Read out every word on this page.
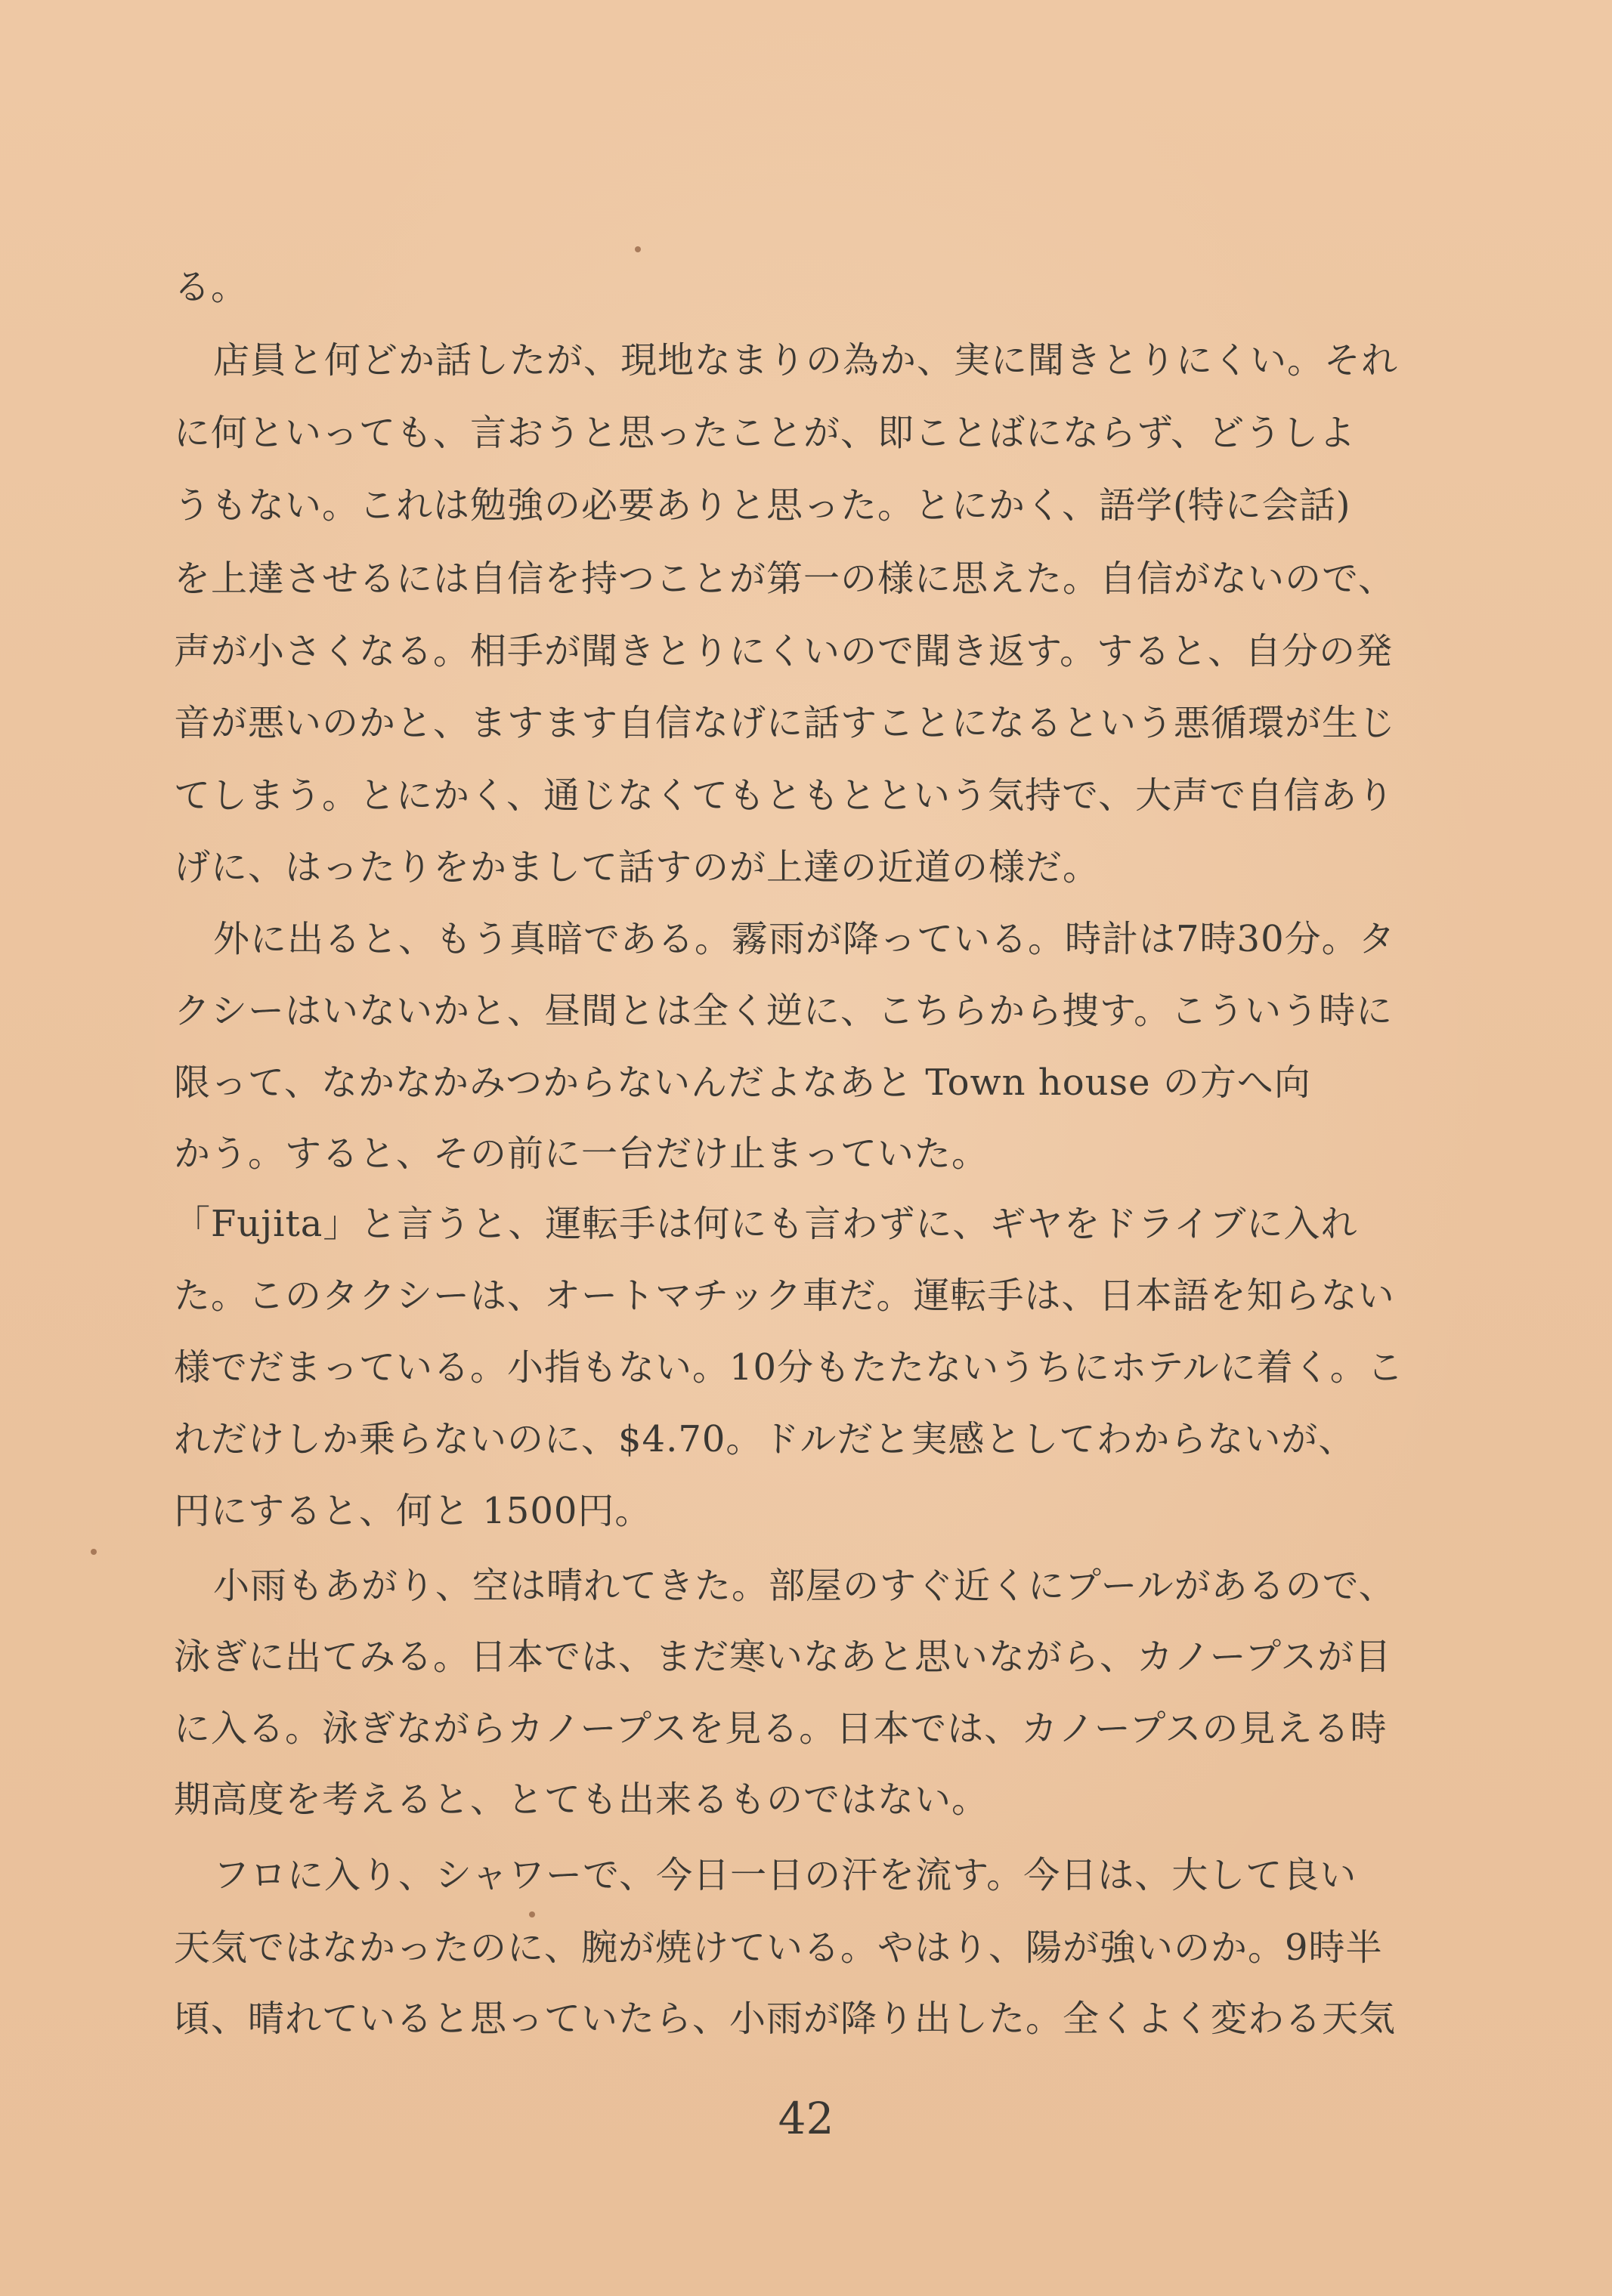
る。
店員と何どか話したが、現地なまりの為か、実に聞きとりにくい。それ
に何といっても、言おうと思ったことが、即ことばにならず、どうしよ
うもない。これは勉強の必要ありと思った。とにかく、語学(特に会話)
を上達させるには自信を持つことが第一の様に思えた。自信がないので、
声が小さくなる。相手が聞きとりにくいので聞き返す。すると、自分の発
音が悪いのかと、ますます自信なげに話すことになるという悪循環が生じ
てしまう。とにかく、通じなくてもともとという気持で、大声で自信あり
げに、はったりをかまして話すのが上達の近道の様だ。
外に出ると、もう真暗である。霧雨が降っている。時計は7時30分。タ
クシーはいないかと、昼間とは全く逆に、こちらから捜す。こういう時に
限って、なかなかみつからないんだよなあと Town house の方へ向
かう。すると、その前に一台だけ止まっていた。
「Fujita」と言うと、運転手は何にも言わずに、ギヤをドライブに入れ
た。このタクシーは、オートマチック車だ。運転手は、日本語を知らない
様でだまっている。小指もない。10分もたたないうちにホテルに着く。こ
れだけしか乗らないのに、$4.70。ドルだと実感としてわからないが、
円にすると、何と 1500円。
小雨もあがり、空は晴れてきた。部屋のすぐ近くにプールがあるので、
泳ぎに出てみる。日本では、まだ寒いなあと思いながら、カノープスが目
に入る。泳ぎながらカノープスを見る。日本では、カノープスの見える時
期高度を考えると、とても出来るものではない。
フロに入り、シャワーで、今日一日の汗を流す。今日は、大して良い
天気ではなかったのに、腕が焼けている。やはり、陽が強いのか。9時半
頃、晴れていると思っていたら、小雨が降り出した。全くよく変わる天気
42
